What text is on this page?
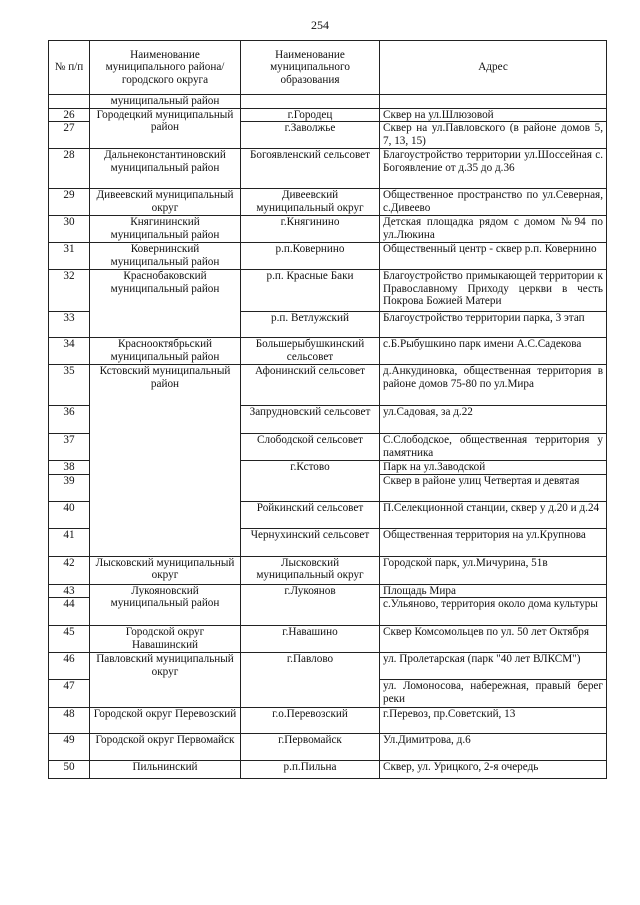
254
№ п/п	Наименование муниципального района/ городского округа	Наименование муниципального образования	Адрес
	муниципальный район		
26	Городецкий муниципальный район	г.Городец	Сквер на ул.Шлюзовой
27		г.Заволжье	Сквер на ул.Павловского (в районе домов 5, 7, 13, 15)
28	Дальнеконстантиновский муниципальный район	Богоявленский сельсовет	Благоустройство территории ул.Шоссейная с. Богоявление от д.35 до д.36
29	Дивеевский муниципальный округ	Дивеевский муниципальный округ	Общественное пространство по ул.Северная, с.Дивеево
30	Княгининский муниципальный район	г.Княгинино	Детская площадка рядом с домом №94 по ул.Люкина
31	Ковернинский муниципальный район	р.п.Ковернино	Общественный центр - сквер р.п. Ковернино
32	Краснобаковский муниципальный район	р.п. Красные Баки	Благоустройство примыкающей территории к Православному Приходу церкви в честь Покрова Божией Матери
33		р.п. Ветлужский	Благоустройство территории парка, 3 этап
34	Краснооктябрьский муниципальный район	Большерыбушкинский сельсовет	с.Б.Рыбушкино парк имени А.С.Садекова
35	Кстовский муниципальный район	Афонинский сельсовет	д.Анкудиновка, общественная территория в районе домов 75-80 по ул.Мира
36		Запрудновский сельсовет	ул.Садовая, за д.22
37		Слободской сельсовет	С.Слободское, общественная территория у памятника
38		г.Кстово	Парк на ул.Заводской
39			Сквер в районе улиц Четвертая и девятая
40		Ройкинский сельсовет	П.Селекционной станции, сквер у д.20 и д.24
41		Чернухинский сельсовет	Общественная территория на ул.Крупнова
42	Лысковский муниципальный округ	Лысковский муниципальный округ	Городской парк, ул.Мичурина, 51в
43	Лукояновский муниципальный район	г.Лукоянов	Площадь Мира
44			с.Ульяново, территория около дома культуры
45	Городской округ Навашинский	г.Навашино	Сквер Комсомольцев по ул. 50 лет Октября
46	Павловский муниципальный округ	г.Павлово	ул. Пролетарская (парк "40 лет ВЛКСМ")
47			ул. Ломоносова, набережная, правый берег реки
48	Городской округ Перевозский	г.о.Перевозский	г.Перевоз, пр.Советский, 13
49	Городской округ Первомайск	г.Первомайск	Ул.Димитрова, д.6
50	Пильнинский	р.п.Пильна	Сквер, ул. Урицкого, 2-я очередь
